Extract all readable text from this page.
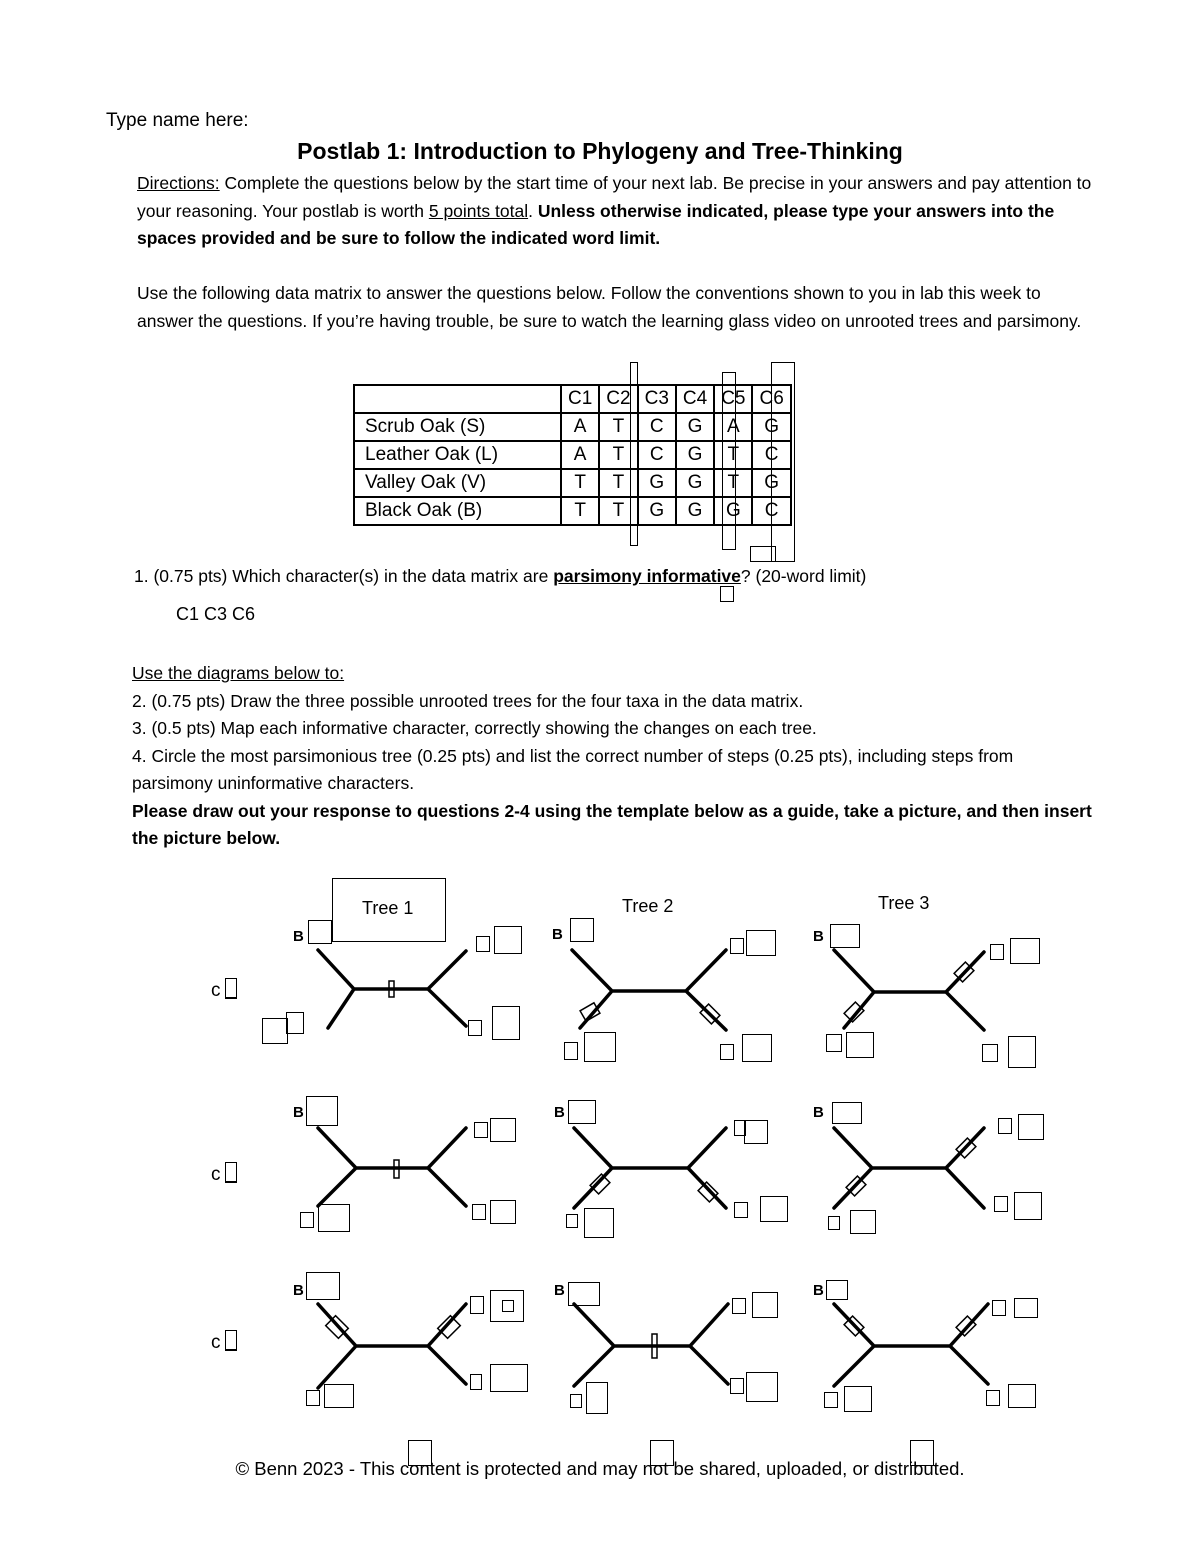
Type name here:
Postlab 1: Introduction to Phylogeny and Tree-Thinking
Directions: Complete the questions below by the start time of your next lab. Be precise in your answers and pay attention to your reasoning. Your postlab is worth 5 points total. Unless otherwise indicated, please type your answers into the spaces provided and be sure to follow the indicated word limit.
Use the following data matrix to answer the questions below. Follow the conventions shown to you in lab this week to answer the questions. If you’re having trouble, be sure to watch the learning glass video on unrooted trees and parsimony.
	C1	C2	C3	C4	C5	C6
Scrub Oak (S)	A	T	C	G	A	G
Leather Oak (L)	A	T	C	G	T	C
Valley Oak (V)	T	T	G	G	T	G
Black Oak (B)	T	T	G	G	G	C
1. (0.75 pts) Which character(s) in the data matrix are parsimony informative? (20-word limit)
C1 C3 C6
Use the diagrams below to:
2. (0.75 pts) Draw the three possible unrooted trees for the four taxa in the data matrix.
3. (0.5 pts) Map each informative character, correctly showing the changes on each tree.
4. Circle the most parsimonious tree (0.25 pts) and list the correct number of steps (0.25 pts), including steps from parsimony uninformative characters.
Please draw out your response to questions 2-4 using the template below as a guide, take a picture, and then insert the picture below.
Tree 1	Tree 2	Tree 3
c
c
c
B	B	B
B	B	B
B	B	B
© Benn 2023 - This content is protected and may not be shared, uploaded, or distributed.
